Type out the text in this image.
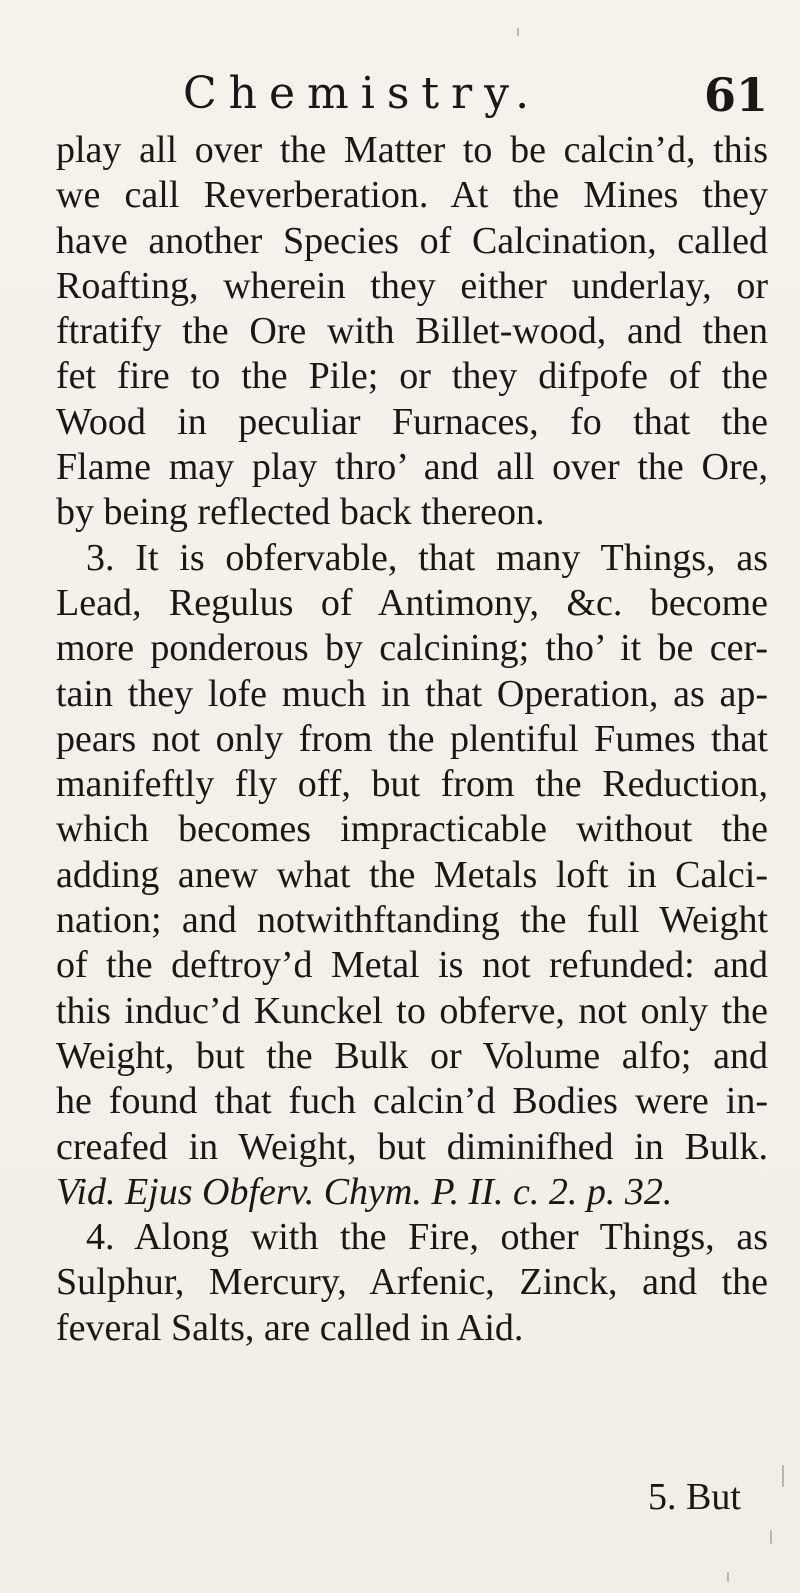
Chemistry.	61
play all over the Matter to be calcin’d, this
we call Reverberation. At the Mines they
have another Species of Calcination, called
Roafting, wherein they either underlay, or
ftratify the Ore with Billet-wood, and then
fet fire to the Pile; or they difpofe of the
Wood in peculiar Furnaces, fo that the
Flame may play thro’ and all over the Ore,
by being reflected back thereon.
3. It is obfervable, that many Things, as
Lead, Regulus of Antimony, &c. become
more ponderous by calcining; tho’ it be cer-
tain they lofe much in that Operation, as ap-
pears not only from the plentiful Fumes that
manifeftly fly off, but from the Reduction,
which becomes impracticable without the
adding anew what the Metals loft in Calci-
nation; and notwithftanding the full Weight
of the deftroy’d Metal is not refunded: and
this induc’d Kunckel to obferve, not only the
Weight, but the Bulk or Volume alfo; and
he found that fuch calcin’d Bodies were in-
creafed in Weight, but diminifhed in Bulk.
Vid. Ejus Obferv. Chym. P. II. c. 2. p. 32.
4. Along with the Fire, other Things, as
Sulphur, Mercury, Arfenic, Zinck, and the
feveral Salts, are called in Aid.
5. But
